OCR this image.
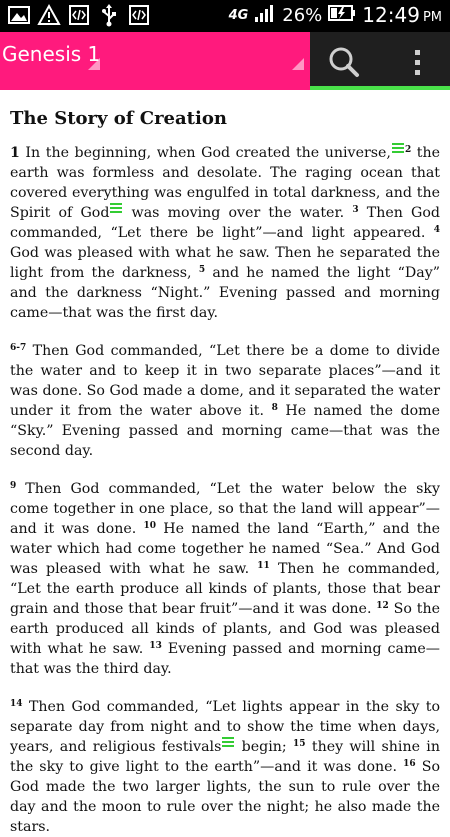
4G 26% 12:49 PM
Genesis 1
The Story of Creation

1 In the beginning, when God created the universe, $^2$ the earth was formless and desolate. The raging ocean that covered everything was engulfed in total darkness, and the Spirit of God
was moving over the water. $^3$ Then God commanded, “Let there be light”—and light appeared. $^4$ God was pleased with what he saw. Then he separated the light from the darkness, $^5$ and he named the light “Day” and the darkness “Night.” Evening passed and morning came—that was the first day.

$^{6-7}$ Then God commanded, “Let there be a dome to divide the water and to keep it in two separate places”—and it was done. So God made a dome, and it separated the water under it from the water above it. $^8$ He named the dome “Sky.” Evening passed and morning came—that was the second day.

$^9$ Then God commanded, “Let the water below the sky come together in one place, so that the land will appear”—and it was done. $^{10}$ He named the land “Earth,” and the water which had come together he named “Sea.” And God was pleased with what he saw. $^{11}$ Then he commanded, “Let the earth produce all kinds of plants, those that bear grain and those that bear fruit”—and it was done. $^{12}$ So the earth produced all kinds of plants, and God was pleased with what he saw. $^{13}$ Evening passed and morning came—that was the third day.

$^{14}$ Then God commanded, “Let lights appear in the sky to separate day from night and to show the time when days, years, and religious festivals
begin; $^{15}$ they will shine in the sky to give light to the earth”—and it was done. $^{16}$ So God made the two larger lights, the sun to rule over the day and the moon to rule over the night; he also made the stars.
